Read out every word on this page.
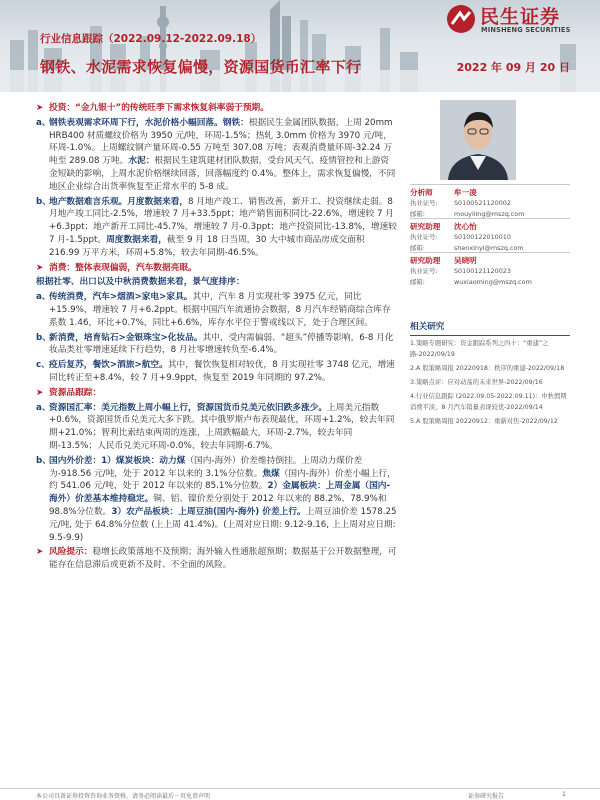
民生证券
MINSHENG SECURITIES
行业信息跟踪（2022.09.12-2022.09.18）
钢铁、水泥需求恢复偏慢，资源国货币汇率下行	2022 年 09 月 20 日
➤ 投资：“金九银十”的传统旺季下需求恢复斜率弱于预期。
a、
钢铁表观需求环周下行，水泥价格小幅回落。钢铁：根据民生金属团队数据，上周 20mm HRB400 材质螺纹价格为 3950 元/吨，环周-1.5%；热轧 3.0mm 价格为 3970 元/吨，环周-1.0%。上周螺纹钢产量环周-0.55 万吨至 307.08 万吨；表观消费量环周-32.24 万吨至 289.08 万吨。水泥：根据民生建筑建材团队数据，受台风天气、疫情管控和上游资金短缺的影响，上周水泥价格继续回落，回落幅度约 0.4%。整体上，需求恢复偏慢，不同地区企业综合出货率恢复至正常水平的 5-8 成。
b、
地产数据难言乐观。月度数据来看，8 月地产竣工、销售改善，新开工、投资继续走弱。8 月地产竣工同比-2.5%，增速较 7 月+33.5ppt；地产销售面积同比-22.6%，增速较 7 月+6.3ppt；地产新开工同比-45.7%，增速较 7 月-0.3ppt；地产投资同比-13.8%，增速较 7 月-1.5ppt。周度数据来看，截至 9 月 18 日当周，30 大中城市商品房成交面积 216.99 万平方米，环周+5.8%，较去年同期-46.5%。
➤ 消费：整体表现偏弱，汽车数据亮眼。
根据社零、出口以及中秋消费数据来看，景气度排序：
a、
传统消费，汽车>烟酒>家电>家具。其中，汽车 8 月实现社零 3975 亿元，同比+15.9%，增速较 7 月+6.2ppt。根据中国汽车流通协会数据，8 月汽车经销商综合库存系数 1.46，环比+0.7%，同比+6.6%，库存水平位于警戒线以下，处于合理区间。
b、
新消费，培育钻石>金银珠宝>化妆品。其中，受内需偏弱、“超头”停播等影响，6-8 月化妆品类社零增速延续下行趋势，8 月社零增速转负至-6.4%。
c、 疫后复苏，餐饮>酒旅>航空。其中，餐饮恢复相对较优，8 月实现社零 3748 亿元，增速同比转正至+8.4%，较 7 月+9.9ppt，恢复至 2019 年同期的 97.2%。
➤ 资源品跟踪：
a、
资源国汇率：美元指数上周小幅上行，资源国货币兑美元依旧跌多涨少。上周美元指数+0.6%，资源国货币兑美元大多下跌。其中俄罗斯卢布表现最优，环周+1.2%，较去年同期+21.0%；智利比索结束两周的连涨，上周跌幅最大，环周-2.7%，较去年同期-13.5%；人民币兑美元环周-0.0%，较去年同期-6.7%。
b、
国内外价差：1）煤炭板块：动力煤（国内-海外）价差维持倒挂。上周动力煤价差为-918.56 元/吨，处于 2012 年以来的 3.1%分位数。焦煤（国内-海外）价差小幅上行，约 541.06 元/吨，处于 2012 年以来的 85.1%分位数。2）金属板块：上周金属（国内-海外）价差基本维持稳定。铜、铝、镍价差分别处于 2012 年以来的 88.2%、78.9%和 98.8%分位数。3）农产品板块：上周豆油(国内-海外) 价差上行。上周豆油价差 1578.25 元/吨, 处于 64.8%分位数 (上上周 41.4%)。(上周对应日期: 9.12-9.16, 上上周对应日期: 9.5-9.9)
➤ 风险提示：稳增长政策落地不及预期；海外输入性通胀超预期；数据基于公开数据整理，可能存在信息滞后或更新不及时、不全面的风险。
分析师	牟一凌
执业证号:	S0100521120002
邮箱:	mouyiling@mszq.com
研究助理 沈心怡
执业证号:	S0100122010010
邮箱:	shenxinyi@mszq.com
研究助理 吴晓明
执业证号:	S0100121120023
邮箱:	wuxiaoming@mszq.com
相关研究
1.策略专题研究：资金跟踪系列之四十：“重建”之路-2022/09/19
2.A 股策略周报 20220918：秩序的重建-2022/09/18
3.策略点评：应对动荡的未来世界-2022/09/16
4.行业信息跟踪 (2022.09.05-2022.09.11)：中秋假期消费平淡，8 月汽车销量表现较优-2022/09/14
5.A 股策略周报 20220912：重新对焦-2022/09/12
本公司具备证券投资咨询业务资格，请务必阅读最后一页免责声明	证券研究报告	1
